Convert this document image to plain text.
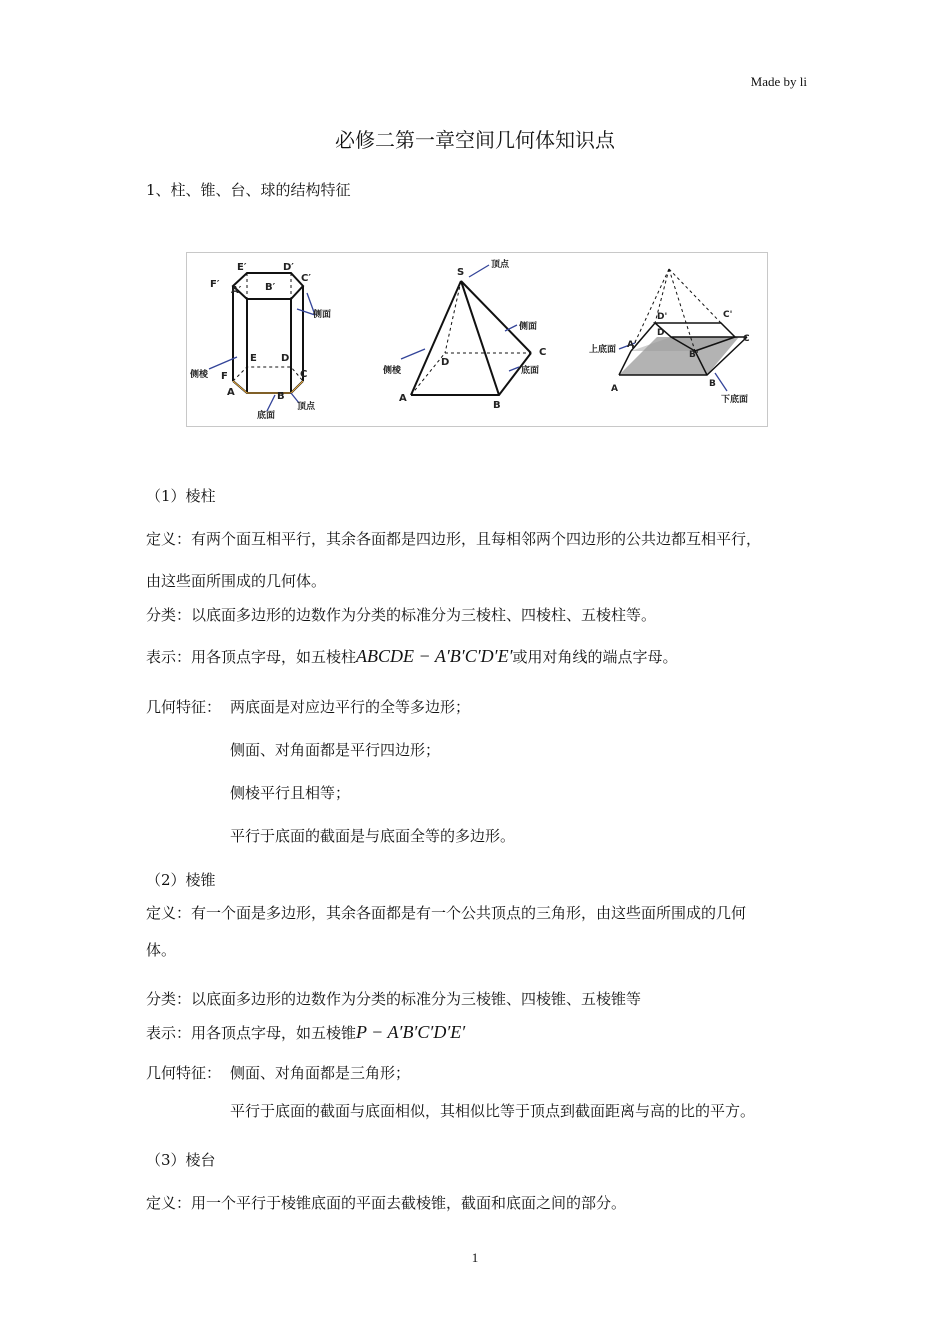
Made by li
必修二第一章空间几何体知识点
1、柱、锥、台、球的结构特征
E′	D′
F′
A′ B′
C′
E D
F
A	B
C
侧面
侧棱
底面
顶点
S
顶点
侧面
侧棱	底面
A
B
C
D
D'	C'
A'
B'
A	B
C
D
上底面
下底面
（1）棱柱
定义：有两个面互相平行，其余各面都是四边形，且每相邻两个四边形的公共边都互相平行，
由这些面所围成的几何体。
分类：以底面多边形的边数作为分类的标准分为三棱柱、四棱柱、五棱柱等。
表示：用各顶点字母，如五棱柱ABCDE − A′B′C′D′E′或用对角线的端点字母。
几何特征： 两底面是对应边平行的全等多边形；
侧面、对角面都是平行四边形；
侧棱平行且相等；
平行于底面的截面是与底面全等的多边形。
（2）棱锥
定义：有一个面是多边形，其余各面都是有一个公共顶点的三角形，由这些面所围成的几何
体。
分类：以底面多边形的边数作为分类的标准分为三棱锥、四棱锥、五棱锥等
表示：用各顶点字母，如五棱锥P − A′B′C′D′E′
几何特征： 侧面、对角面都是三角形；
平行于底面的截面与底面相似，其相似比等于顶点到截面距离与高的比的平方。
（3）棱台
定义：用一个平行于棱锥底面的平面去截棱锥，截面和底面之间的部分。
1
